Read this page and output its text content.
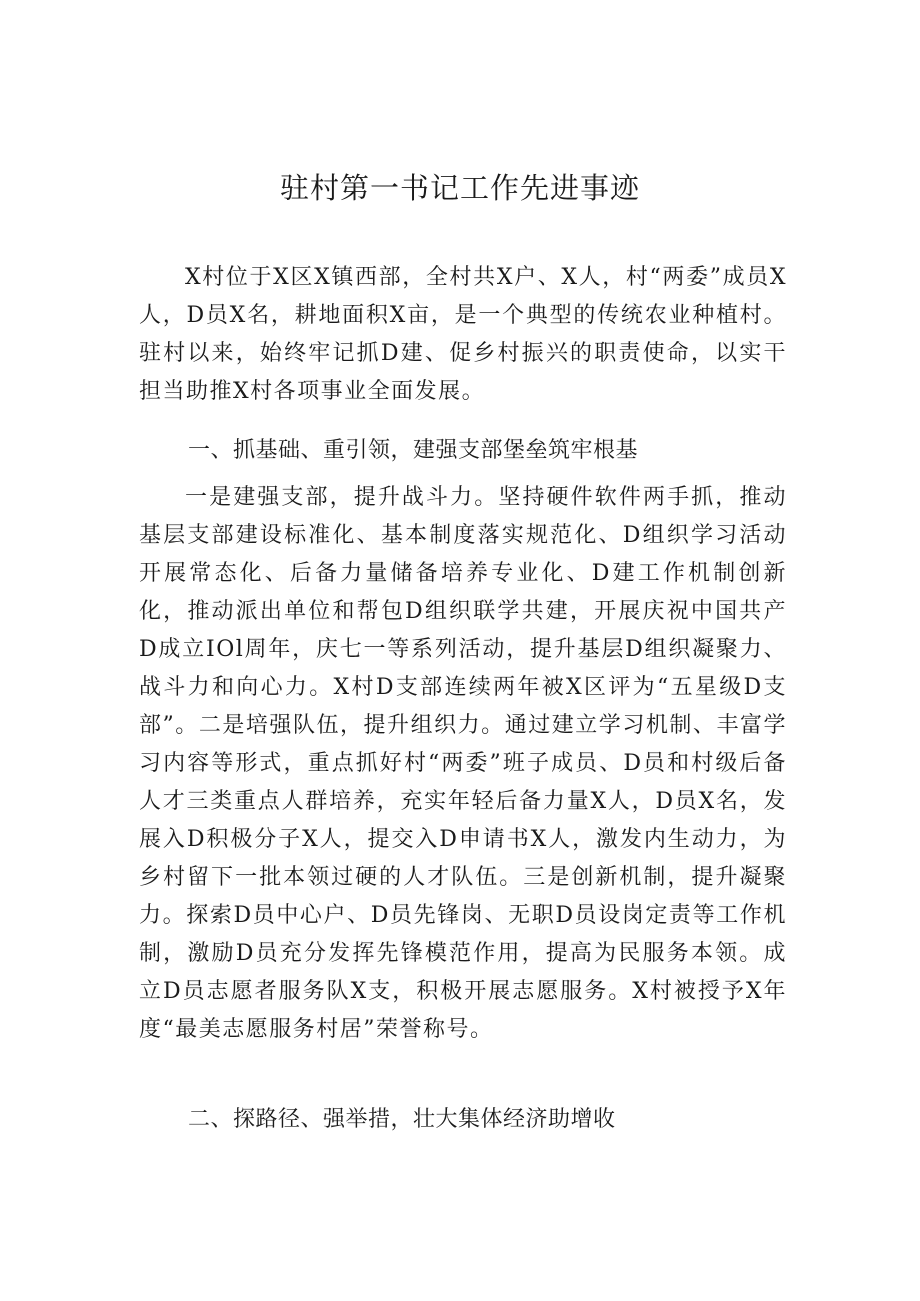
驻村第一书记工作先进事迹

X村位于X区X镇西部，全村共X户、X人，村“两委”成员X人，D员X名，耕地面积X亩，是一个典型的传统农业种植村。驻村以来，始终牢记抓D建、促乡村振兴的职责使命，以实干担当助推X村各项事业全面发展。

一、抓基础、重引领，建强支部堡垒筑牢根基

一是建强支部，提升战斗力。坚持硬件软件两手抓，推动基层支部建设标准化、基本制度落实规范化、D组织学习活动开展常态化、后备力量储备培养专业化、D建工作机制创新化，推动派出单位和帮包D组织联学共建，开展庆祝中国共产D成立IOl周年，庆七一等系列活动，提升基层D组织凝聚力、战斗力和向心力。X村D支部连续两年被X区评为“五星级D支部”。二是培强队伍，提升组织力。通过建立学习机制、丰富学习内容等形式，重点抓好村“两委”班子成员、D员和村级后备人才三类重点人群培养，充实年轻后备力量X人，D员X名，发展入D积极分子X人，提交入D申请书X人，激发内生动力，为乡村留下一批本领过硬的人才队伍。三是创新机制，提升凝聚力。探索D员中心户、D员先锋岗、无职D员设岗定责等工作机制，激励D员充分发挥先锋模范作用，提高为民服务本领。成立D员志愿者服务队X支，积极开展志愿服务。X村被授予X年度“最美志愿服务村居”荣誉称号。

二、探路径、强举措，壮大集体经济助增收
